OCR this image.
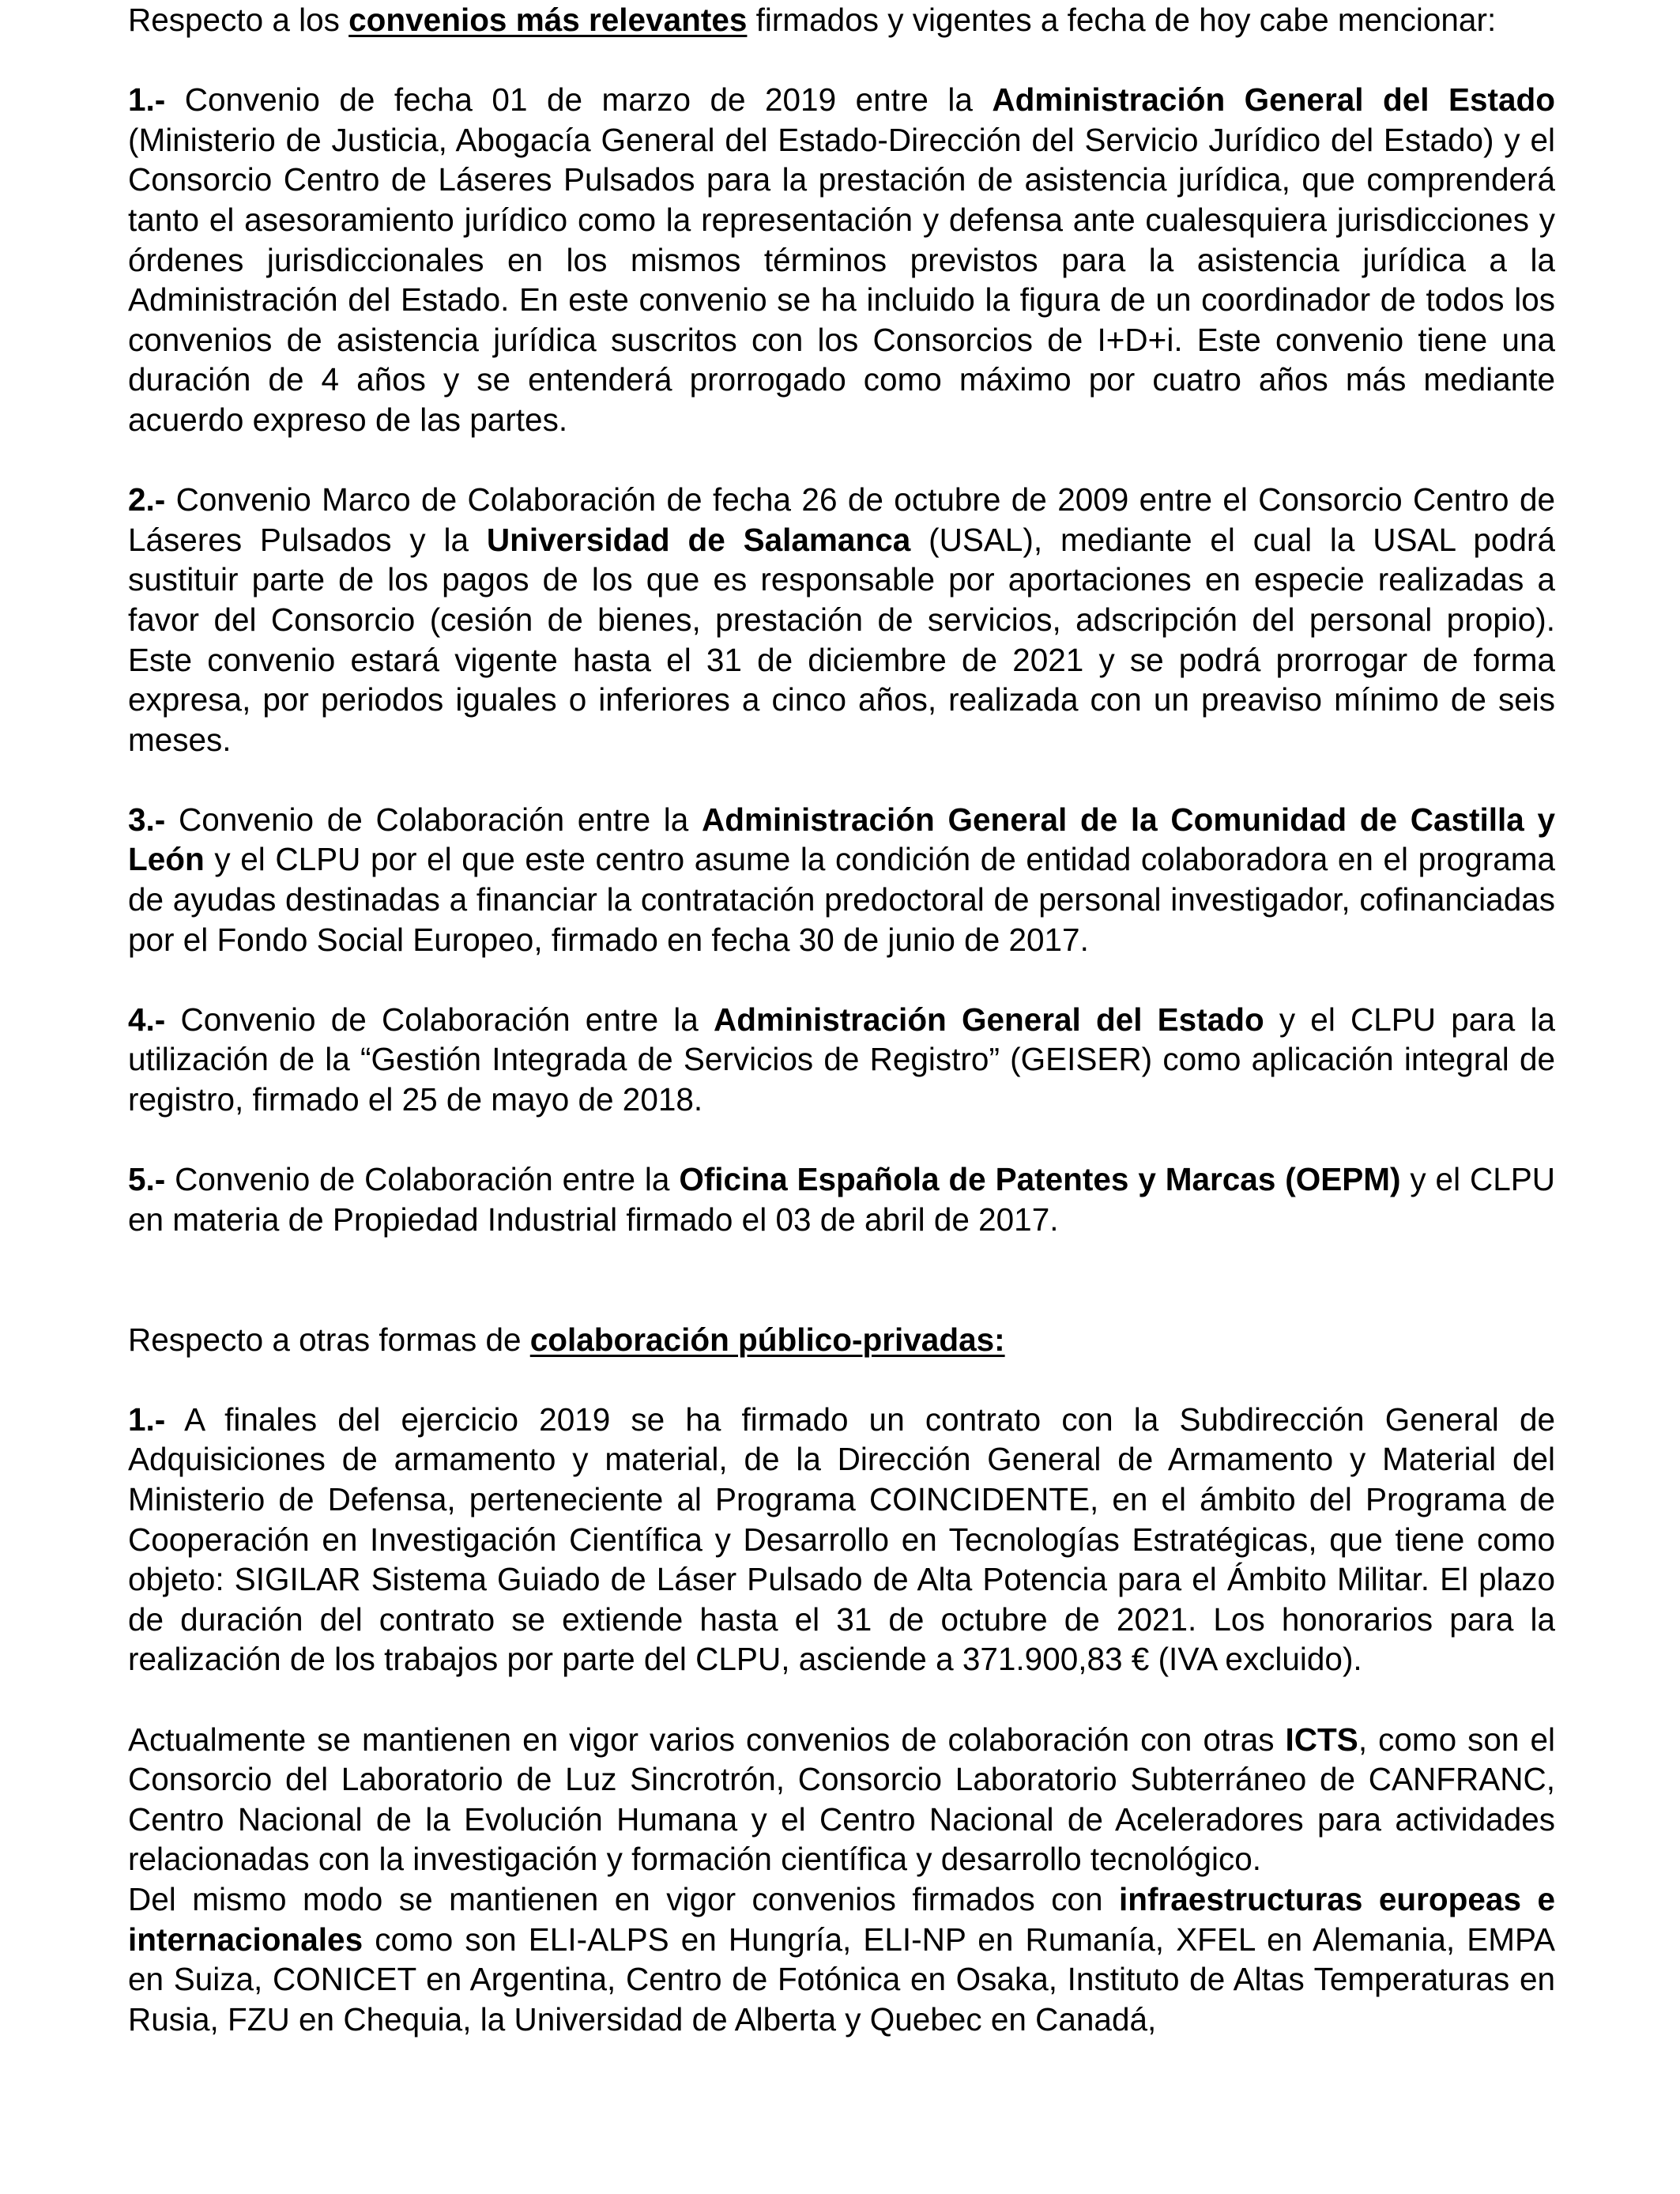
Respecto a los convenios más relevantes firmados y vigentes a fecha de hoy cabe mencionar:

1.- Convenio de fecha 01 de marzo de 2019 entre la Administración General del Estado (Ministerio de Justicia, Abogacía General del Estado-Dirección del Servicio Jurídico del Estado) y el Consorcio Centro de Láseres Pulsados para la prestación de asistencia jurídica, que comprenderá tanto el asesoramiento jurídico como la representación y defensa ante cualesquiera jurisdicciones y órdenes jurisdiccionales en los mismos términos previstos para la asistencia jurídica a la Administración del Estado. En este convenio se ha incluido la figura de un coordinador de todos los convenios de asistencia jurídica suscritos con los Consorcios de I+D+i. Este convenio tiene una duración de 4 años y se entenderá prorrogado como máximo por cuatro años más mediante acuerdo expreso de las partes.

2.- Convenio Marco de Colaboración de fecha 26 de octubre de 2009 entre el Consorcio Centro de Láseres Pulsados y la Universidad de Salamanca (USAL), mediante el cual la USAL podrá sustituir parte de los pagos de los que es responsable por aportaciones en especie realizadas a favor del Consorcio (cesión de bienes, prestación de servicios, adscripción del personal propio). Este convenio estará vigente hasta el 31 de diciembre de 2021 y se podrá prorrogar de forma expresa, por periodos iguales o inferiores a cinco años, realizada con un preaviso mínimo de seis meses.

3.- Convenio de Colaboración entre la Administración General de la Comunidad de Castilla y León y el CLPU por el que este centro asume la condición de entidad colaboradora en el programa de ayudas destinadas a financiar la contratación predoctoral de personal investigador, cofinanciadas por el Fondo Social Europeo, firmado en fecha 30 de junio de 2017.

4.- Convenio de Colaboración entre la Administración General del Estado y el CLPU para la utilización de la “Gestión Integrada de Servicios de Registro” (GEISER) como aplicación integral de registro, firmado el 25 de mayo de 2018.

5.- Convenio de Colaboración entre la Oficina Española de Patentes y Marcas (OEPM) y el CLPU en materia de Propiedad Industrial firmado el 03 de abril de 2017.

Respecto a otras formas de colaboración público-privadas:

1.- A finales del ejercicio 2019 se ha firmado un contrato con la Subdirección General de Adquisiciones de armamento y material, de la Dirección General de Armamento y Material del Ministerio de Defensa, perteneciente al Programa COINCIDENTE, en el ámbito del Programa de Cooperación en Investigación Científica y Desarrollo en Tecnologías Estratégicas, que tiene como objeto: SIGILAR Sistema Guiado de Láser Pulsado de Alta Potencia para el Ámbito Militar. El plazo de duración del contrato se extiende hasta el 31 de octubre de 2021. Los honorarios para la realización de los trabajos por parte del CLPU, asciende a 371.900,83 € (IVA excluido).

Actualmente se mantienen en vigor varios convenios de colaboración con otras ICTS, como son el Consorcio del Laboratorio de Luz Sincrotrón, Consorcio Laboratorio Subterráneo de CANFRANC, Centro Nacional de la Evolución Humana y el Centro Nacional de Aceleradores para actividades relacionadas con la investigación y formación científica y desarrollo tecnológico.

Del mismo modo se mantienen en vigor convenios firmados con infraestructuras europeas e internacionales como son ELI-ALPS en Hungría, ELI-NP en Rumanía, XFEL en Alemania, EMPA en Suiza, CONICET en Argentina, Centro de Fotónica en Osaka, Instituto de Altas Temperaturas en Rusia, FZU en Chequia, la Universidad de Alberta y Quebec en Canadá,
